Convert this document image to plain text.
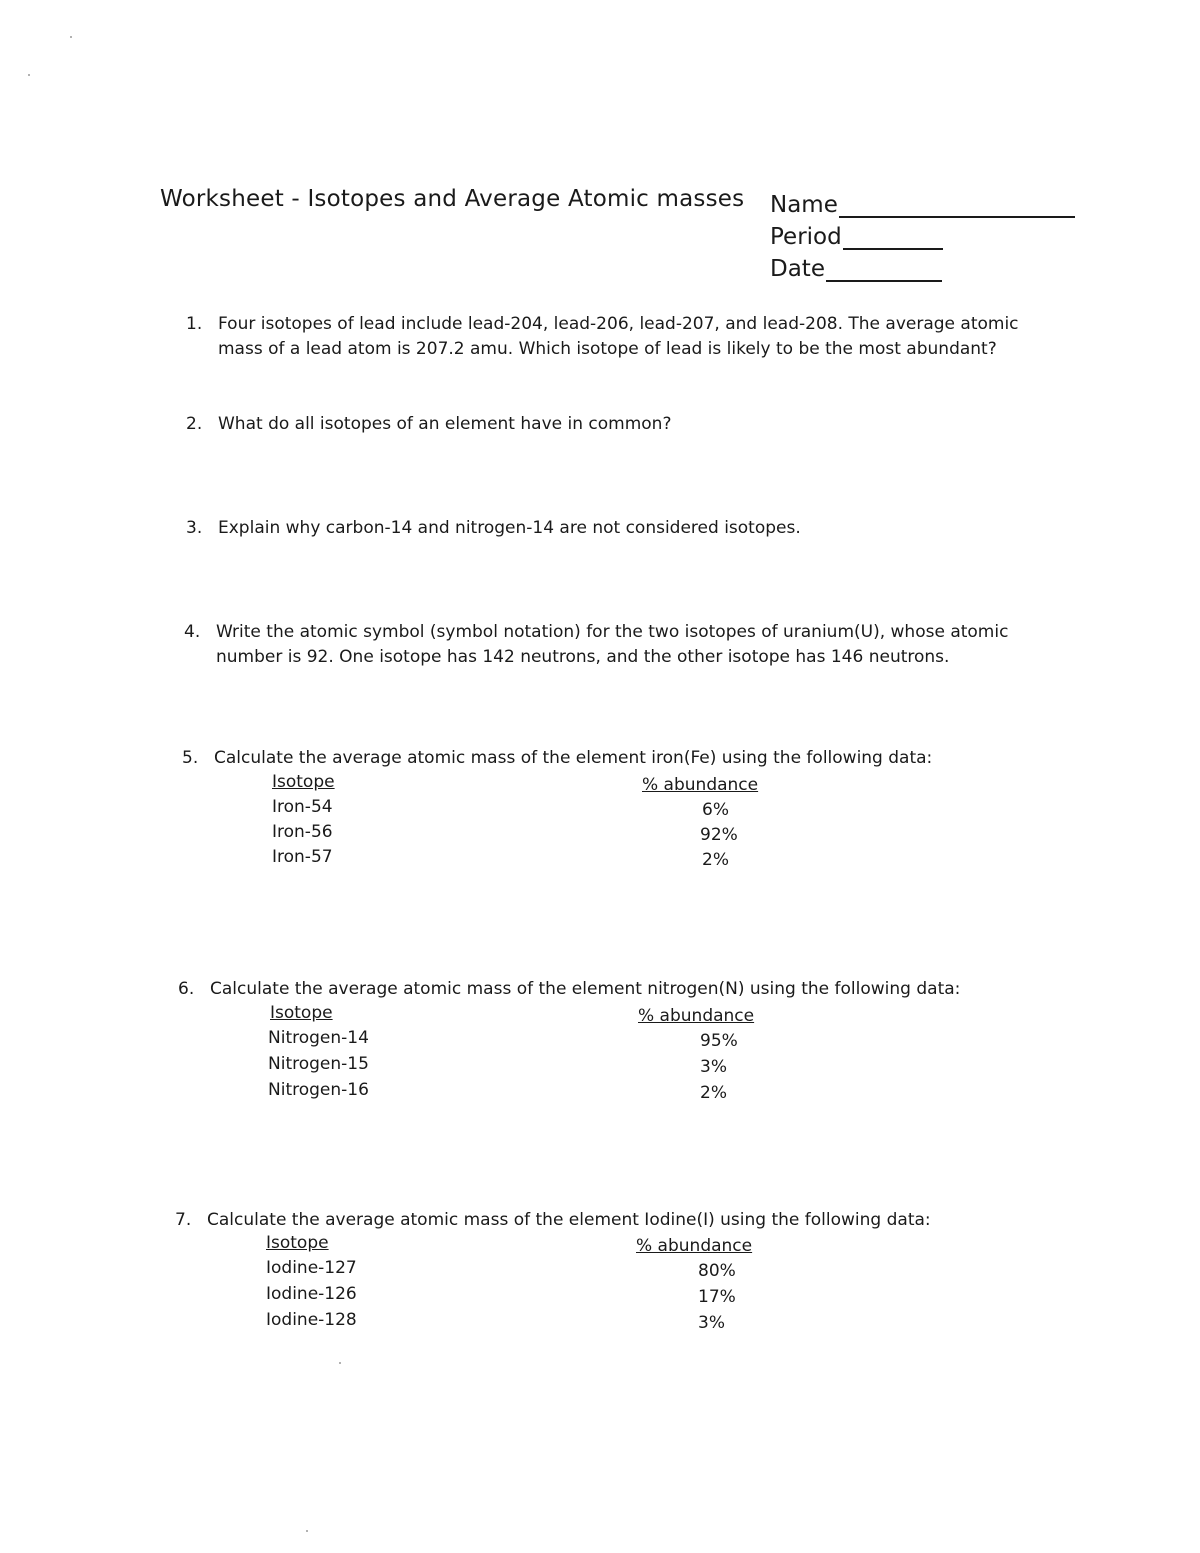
Worksheet - Isotopes and Average Atomic masses Name
Period
Date
1. Four isotopes of lead include lead-204, lead-206, lead-207, and lead-208. The average atomic mass of a lead atom is 207.2 amu. Which isotope of lead is likely to be the most abundant?
2. What do all isotopes of an element have in common?
3. Explain why carbon-14 and nitrogen-14 are not considered isotopes.
4. Write the atomic symbol (symbol notation) for the two isotopes of uranium(U), whose atomic number is 92. One isotope has 142 neutrons, and the other isotope has 146 neutrons.
5. Calculate the average atomic mass of the element iron(Fe) using the following data:
6. Calculate the average atomic mass of the element nitrogen(N) using the following data:
7. Calculate the average atomic mass of the element Iodine(I) using the following data:
Isotope	% abundance
Iron-54	6%
Iron-56	92%
Iron-57	2%
Isotope	% abundance
Nitrogen-14	95%
Nitrogen-15	3%
Nitrogen-16	2%
Isotope	% abundance
Iodine-127	80%
Iodine-126	17%
Iodine-128	3%
